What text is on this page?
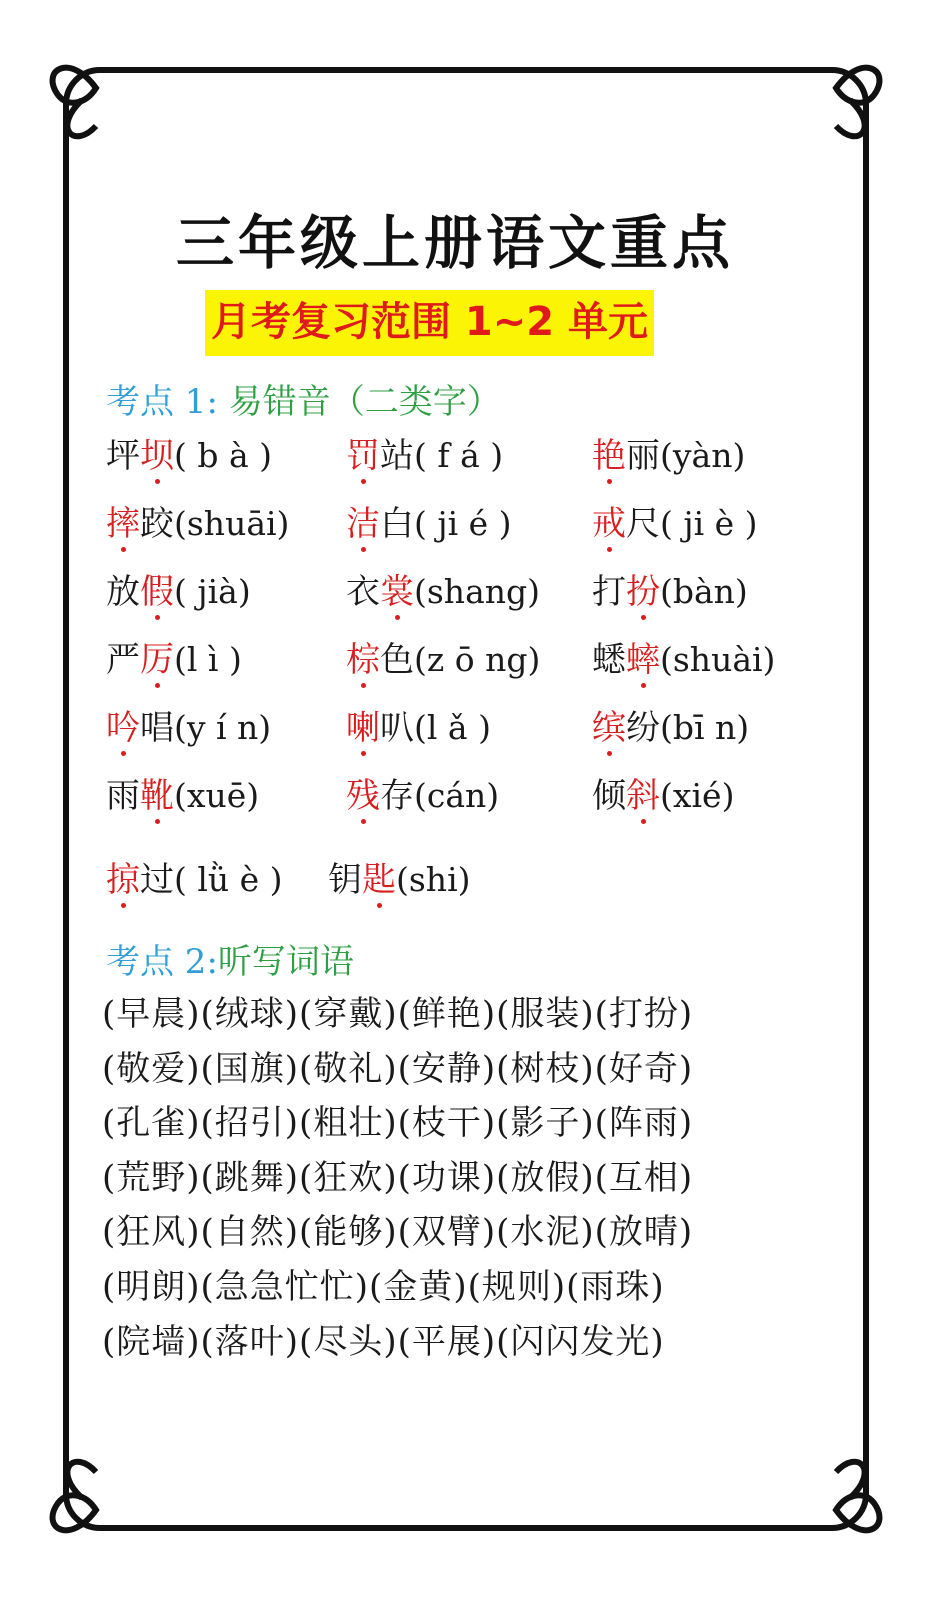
三年级上册语文重点
月考复习范围 1~2 单元
考点 1: 易错音（二类字）
坪坝( b à ) 罚站( f á )	艳丽(yàn)
摔跤(shuāi) 洁白( ji é ) 戒尺( ji è )
放假( jià)	衣裳(shang) 打扮(bàn)
严厉(l ì )	棕色(z ō ng) 蟋蟀(shuài)
吟唱(y í n) 喇叭(l ǎ )	缤纷(bī n)
雨靴(xuē)	残存(cán)	倾斜(xié)
掠过( lǜ è ) 钥匙(shi)
考点 2:听写词语
(早晨)(绒球)(穿戴)(鲜艳)(服装)(打扮)
(敬爱)(国旗)(敬礼)(安静)(树枝)(好奇)
(孔雀)(招引)(粗壮)(枝干)(影子)(阵雨)
(荒野)(跳舞)(狂欢)(功课)(放假)(互相)
(狂风)(自然)(能够)(双臂)(水泥)(放晴)
(明朗)(急急忙忙)(金黄)(规则)(雨珠)
(院墙)(落叶)(尽头)(平展)(闪闪发光)
